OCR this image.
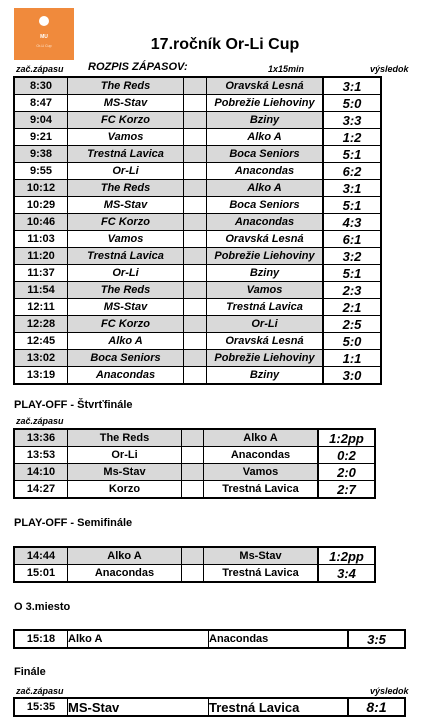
MU
Or-Li Cup	17.ročník Or-Li Cup
zač.zápasu ROZPIS ZÁPASOV:	1x15min	výsledok
8:30	The Reds		Oravská Lesná	3:1
8:47	MS-Stav		Pobrežie Liehoviny	5:0
9:04	FC Korzo		Bziny	3:3
9:21	Vamos		Alko A	1:2
9:38	Trestná Lavica		Boca Seniors	5:1
9:55	Or-Li		Anacondas	6:2
10:12	The Reds		Alko A	3:1
10:29	MS-Stav		Boca Seniors	5:1
10:46	FC Korzo		Anacondas	4:3
11:03	Vamos		Oravská Lesná	6:1
11:20	Trestná Lavica		Pobrežie Liehoviny	3:2
11:37	Or-Li		Bziny	5:1
11:54	The Reds		Vamos	2:3
12:11	MS-Stav		Trestná Lavica	2:1
12:28	FC Korzo		Or-Li	2:5
12:45	Alko A		Oravská Lesná	5:0
13:02	Boca Seniors		Pobrežie Liehoviny	1:1
13:19	Anacondas		Bziny	3:0
PLAY-OFF - Štvrťfinále
zač.zápasu
13:36	The Reds		Alko A	1:2pp
13:53	Or-Li		Anacondas	0:2
14:10	Ms-Stav		Vamos	2:0
14:27	Korzo		Trestná Lavica	2:7
PLAY-OFF - Semifinále
14:44	Alko A		Ms-Stav	1:2pp
15:01	Anacondas		Trestná Lavica	3:4
O 3.miesto
15:18	Alko A	Anacondas	3:5
Finále
zač.zápasu	výsledok
15:35	MS-Stav	Trestná Lavica	8:1
